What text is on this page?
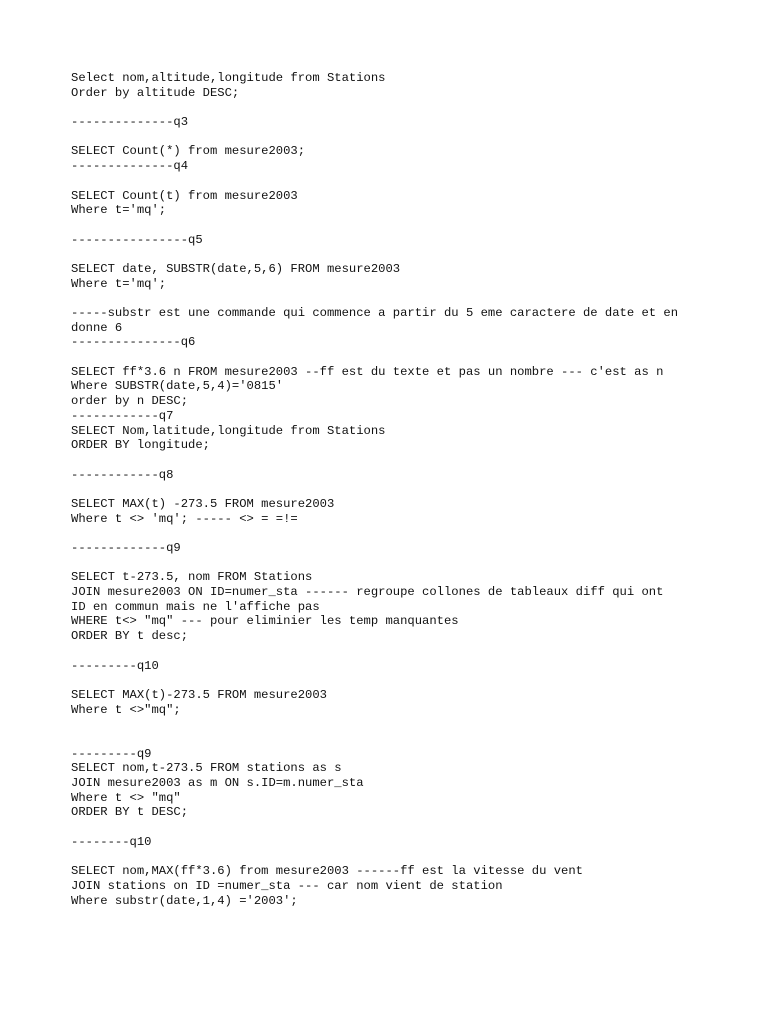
Select nom,altitude,longitude from Stations
Order by altitude DESC;
--------------q3
SELECT Count(*) from mesure2003;
--------------q4
SELECT Count(t) from mesure2003
Where t='mq';
----------------q5
SELECT date, SUBSTR(date,5,6) FROM mesure2003
Where t='mq';
-----substr est une commande qui commence a partir du 5 eme caractere de date et en
donne 6
---------------q6
SELECT ff*3.6 n FROM mesure2003 --ff est du texte et pas un nombre --- c'est as n
Where SUBSTR(date,5,4)='0815'
order by n DESC;
------------q7
SELECT Nom,latitude,longitude from Stations
ORDER BY longitude;
------------q8
SELECT MAX(t) -273.5 FROM mesure2003
Where t <> 'mq'; ----- <> = =!=
-------------q9
SELECT t-273.5, nom FROM Stations
JOIN mesure2003 ON ID=numer_sta ------ regroupe collones de tableaux diff qui ont
ID en commun mais ne l'affiche pas
WHERE t<> "mq" --- pour eliminier les temp manquantes
ORDER BY t desc;
---------q10
SELECT MAX(t)-273.5 FROM mesure2003
Where t <>"mq";
---------q9
SELECT nom,t-273.5 FROM stations as s
JOIN mesure2003 as m ON s.ID=m.numer_sta
Where t <> "mq"
ORDER BY t DESC;
--------q10
SELECT nom,MAX(ff*3.6) from mesure2003 ------ff est la vitesse du vent
JOIN stations on ID =numer_sta --- car nom vient de station
Where substr(date,1,4) ='2003';
